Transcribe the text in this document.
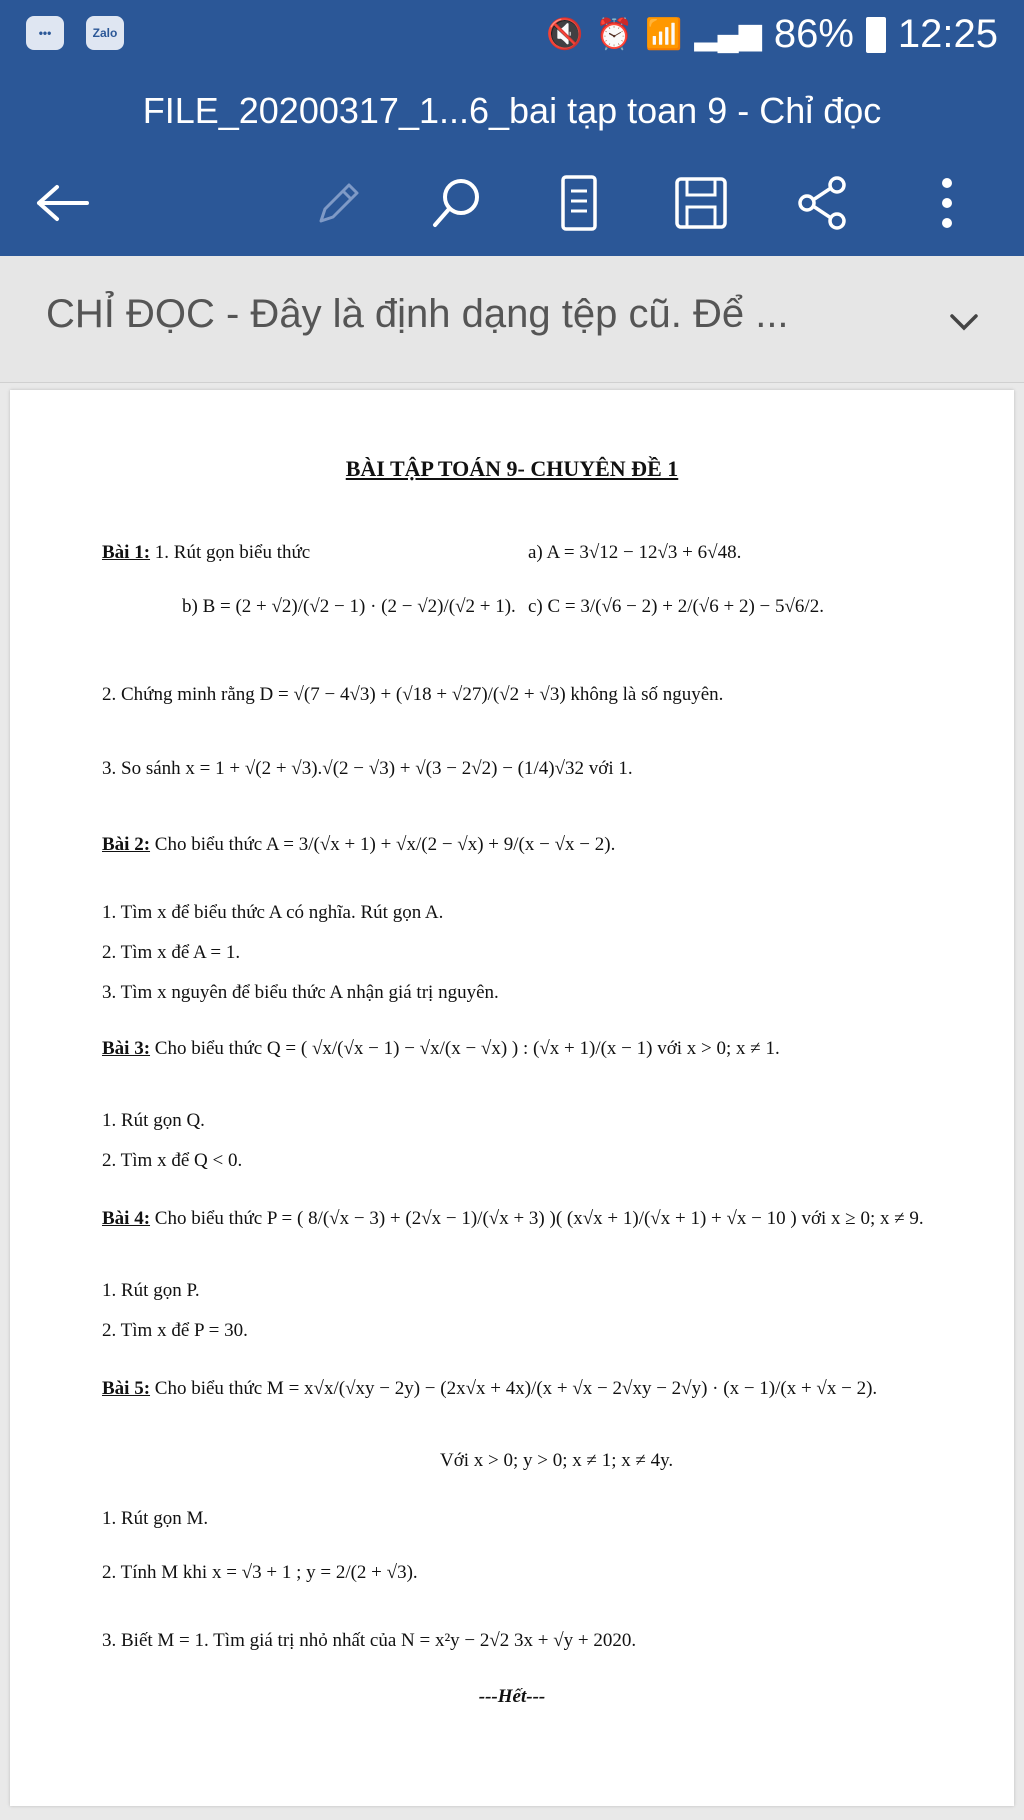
•••	Zalo	🔇 ⏰ 📶 ▂▄▆ 86% 12:25
FILE_20200317_1...6_bai tạp toan 9 - Chỉ đọc
CHỈ ĐỌC - Đây là định dạng tệp cũ. Để ...
BÀI TẬP TOÁN 9- CHUYÊN ĐỀ 1
Bài 1: 1. Rút gọn biểu thức	a) A = 3√12 − 12√3 + 6√48.
b) B = (2 + √2)/(√2 − 1) · (2 − √2)/(√2 + 1). c) C = 3/(√6 − 2) + 2/(√6 + 2) − 5√6/2.
2. Chứng minh rằng D = √(7 − 4√3) + (√18 + √27)/(√2 + √3) không là số nguyên.
3. So sánh x = 1 + √(2 + √3).√(2 − √3) + √(3 − 2√2) − (1/4)√32 với 1.
Bài 2: Cho biểu thức A = 3/(√x + 1) + √x/(2 − √x) + 9/(x − √x − 2).
1. Tìm x để biểu thức A có nghĩa. Rút gọn A.
2. Tìm x để A = 1.
3. Tìm x nguyên để biểu thức A nhận giá trị nguyên.
Bài 3: Cho biểu thức Q = ( √x/(√x − 1) − √x/(x − √x) ) : (√x + 1)/(x − 1) với x > 0; x ≠ 1.
1. Rút gọn Q.
2. Tìm x để Q < 0.
Bài 4: Cho biểu thức P = ( 8/(√x − 3) + (2√x − 1)/(√x + 3) )( (x√x + 1)/(√x + 1) + √x − 10 ) với x ≥ 0; x ≠ 9.
1. Rút gọn P.
2. Tìm x để P = 30.
Bài 5: Cho biểu thức M = x√x/(√xy − 2y) − (2x√x + 4x)/(x + √x − 2√xy − 2√y) · (x − 1)/(x + √x − 2).
Với x > 0; y > 0; x ≠ 1; x ≠ 4y.
1. Rút gọn M.
2. Tính M khi x = √3 + 1 ; y = 2/(2 + √3).
3. Biết M = 1. Tìm giá trị nhỏ nhất của N = x²y − 2√2 3x + √y + 2020.
---Hết---
